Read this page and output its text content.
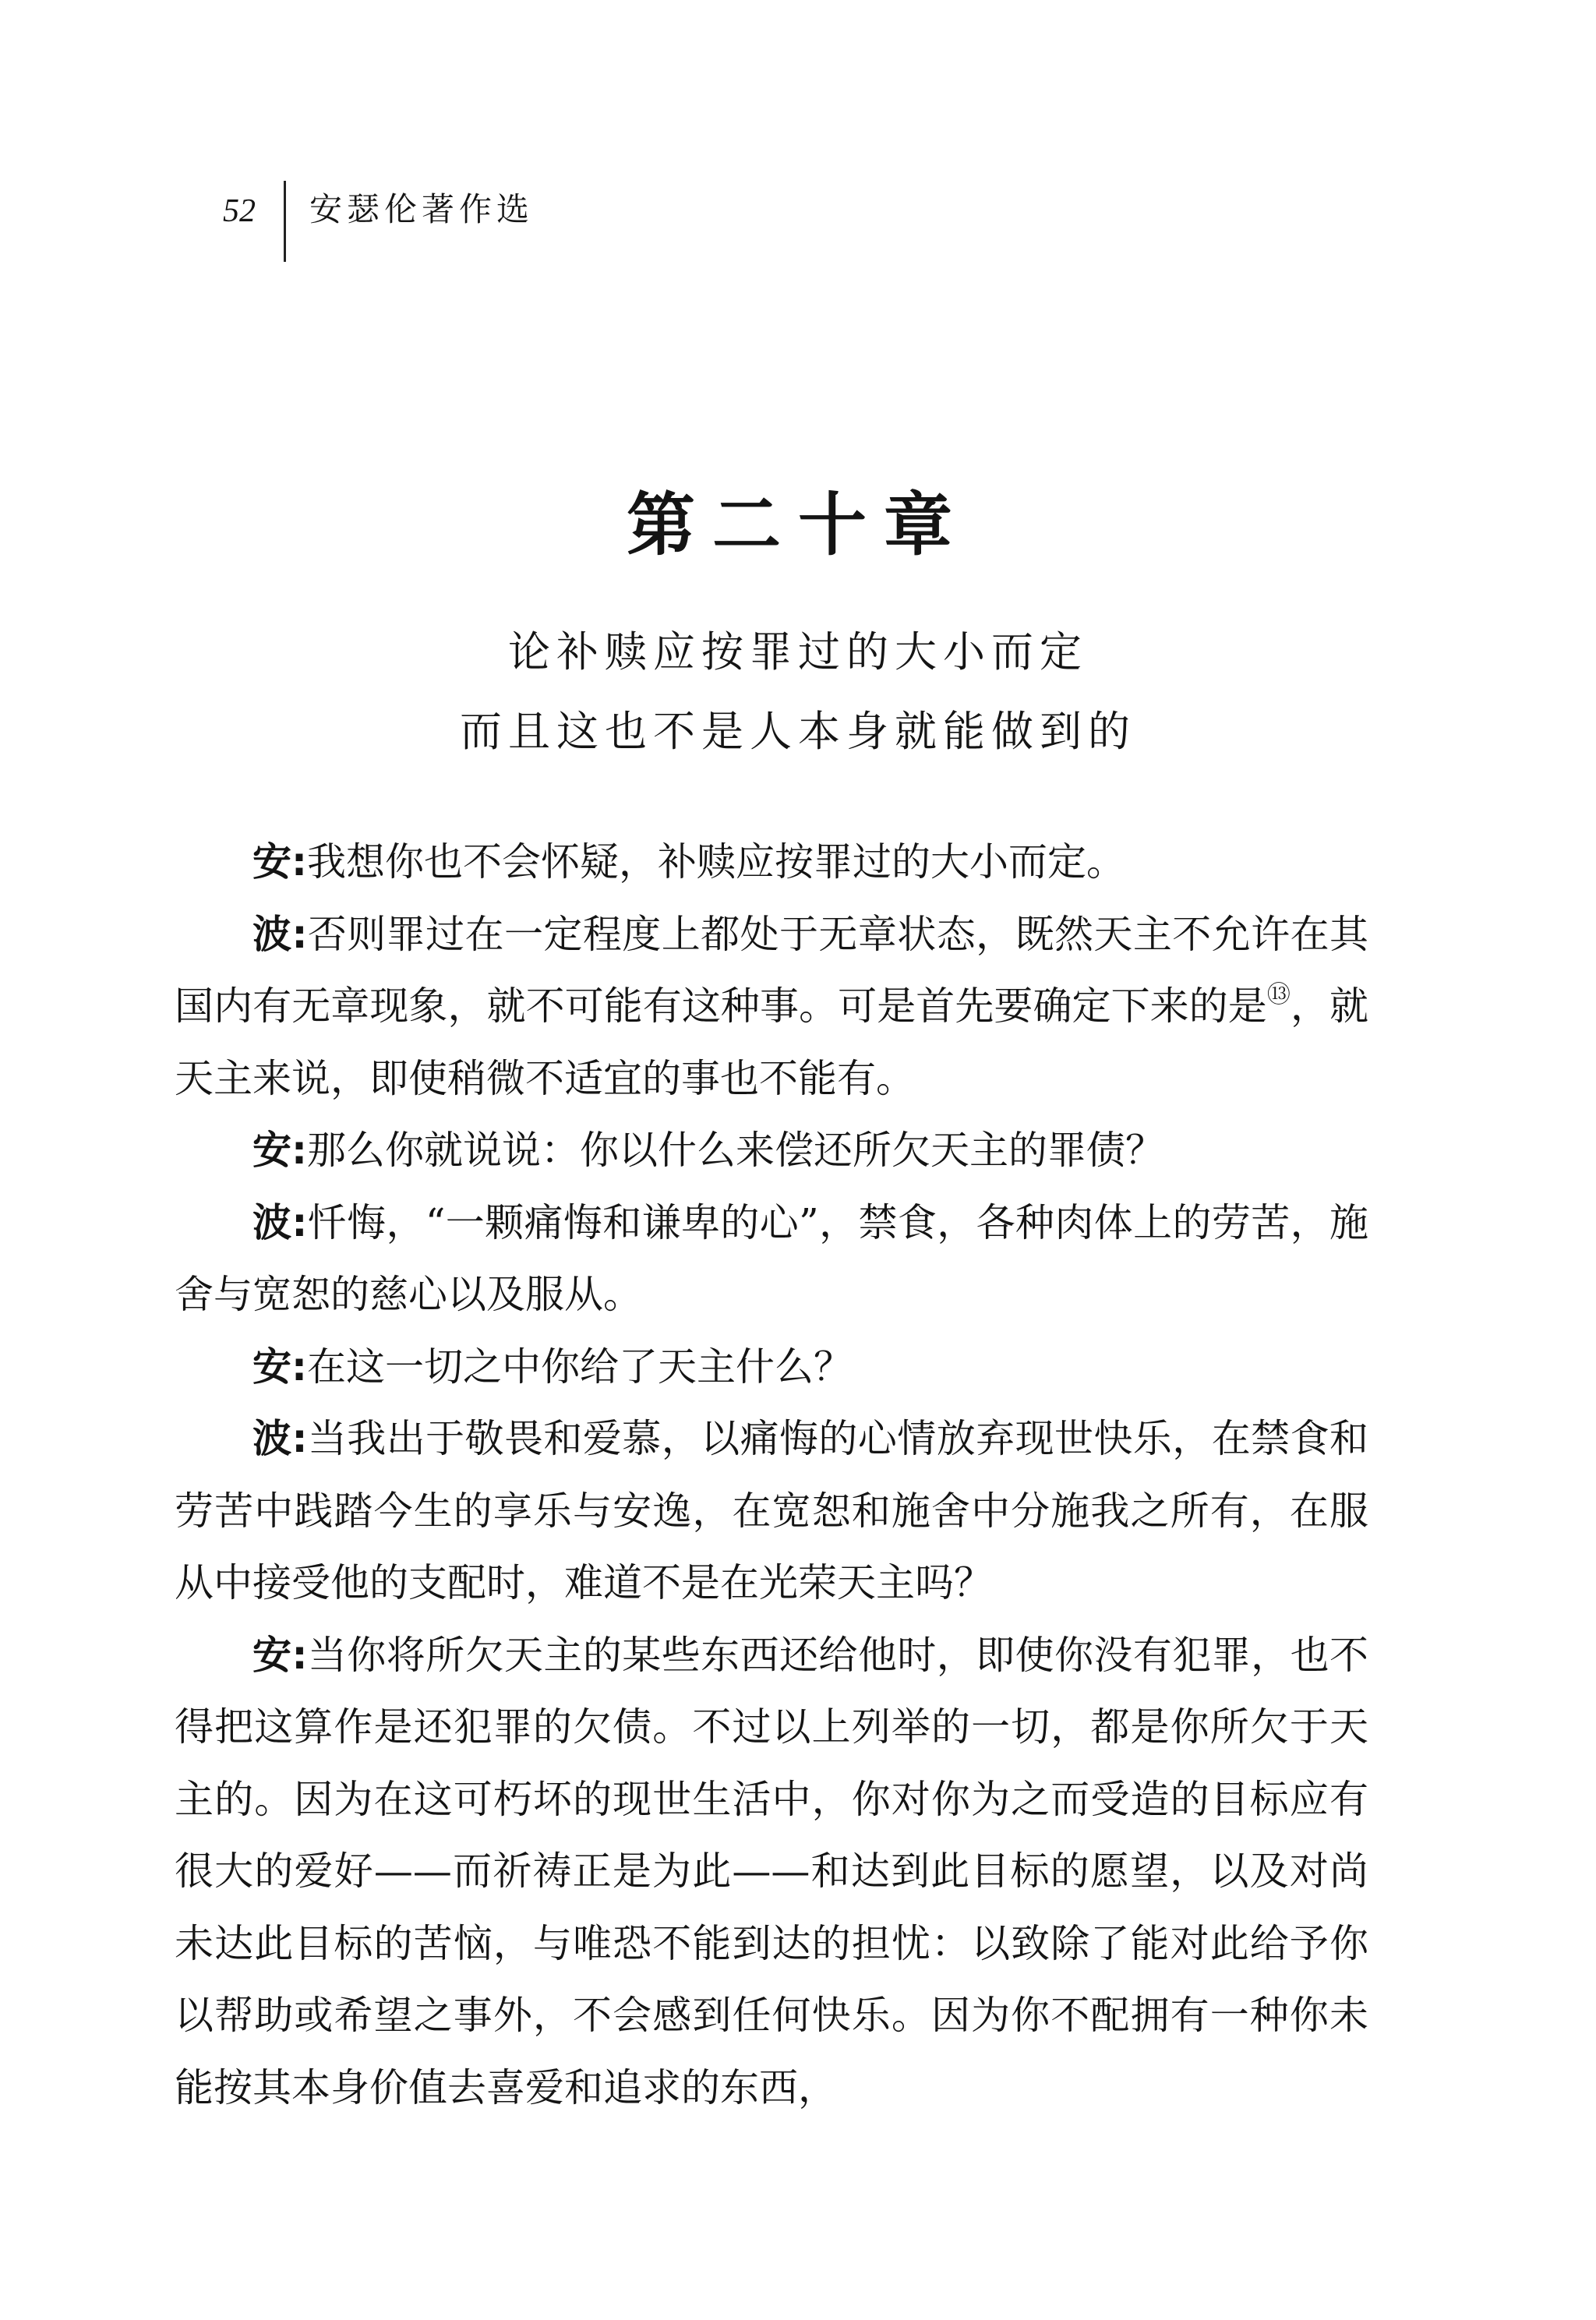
52	安瑟伦著作选
第二十章
论补赎应按罪过的大小而定
而且这也不是人本身就能做到的

安:我想你也不会怀疑，补赎应按罪过的大小而定。

波:否则罪过在一定程度上都处于无章状态，既然天主不允许在其国内有无章现象，就不可能有这种事。可是首先要确定下来的是⑬，就天主来说，即使稍微不适宜的事也不能有。

安:那么你就说说：你以什么来偿还所欠天主的罪债？

波:忏悔，“一颗痛悔和谦卑的心”，禁食，各种肉体上的劳苦，施舍与宽恕的慈心以及服从。

安:在这一切之中你给了天主什么？

波:当我出于敬畏和爱慕，以痛悔的心情放弃现世快乐，在禁食和劳苦中践踏今生的享乐与安逸，在宽恕和施舍中分施我之所有，在服从中接受他的支配时，难道不是在光荣天主吗？

安:当你将所欠天主的某些东西还给他时，即使你没有犯罪，也不得把这算作是还犯罪的欠债。不过以上列举的一切，都是你所欠于天主的。因为在这可朽坏的现世生活中，你对你为之而受造的目标应有很大的爱好——而祈祷正是为此——和达到此目标的愿望，以及对尚未达此目标的苦恼，与唯恐不能到达的担忧：以致除了能对此给予你以帮助或希望之事外，不会感到任何快乐。因为你不配拥有一种你未能按其本身价值去喜爱和追求的东西，
